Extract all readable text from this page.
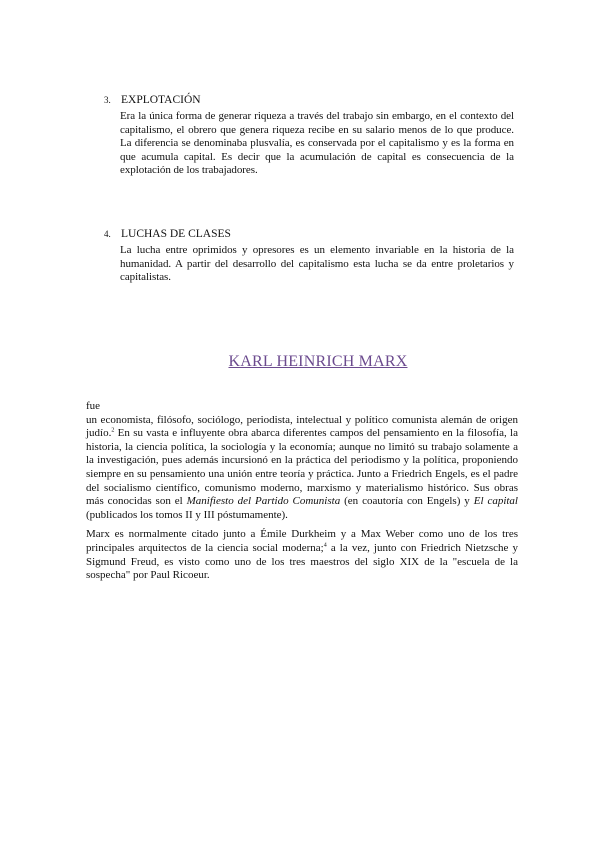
3. EXPLOTACIÓN
Era la única forma de generar riqueza a través del trabajo sin embargo, en el contexto del capitalismo, el obrero que genera riqueza recibe en su salario menos de lo que produce. La diferencia se denominaba plusvalía, es conservada por el capitalismo y es la forma en que acumula capital. Es decir que la acumulación de capital es consecuencia de la explotación de los trabajadores.
4. LUCHAS DE CLASES
La lucha entre oprimidos y opresores es un elemento invariable en la historia de la humanidad. A partir del desarrollo del capitalismo esta lucha se da entre proletarios y capitalistas.
KARL HEINRICH MARX

fue

un economista, filósofo, sociólogo, periodista, intelectual y político comunista alemán de origen judío.$^2$ En su vasta e influyente obra abarca diferentes campos del pensamiento en la filosofía, la historia, la ciencia política, la sociología y la economía; aunque no limitó su trabajo solamente a la investigación, pues además incursionó en la práctica del periodismo y la política, proponiendo siempre en su pensamiento una unión entre teoría y práctica. Junto a Friedrich Engels, es el padre del socialismo científico, comunismo moderno, marxismo y materialismo histórico. Sus obras más conocidas son el Manifiesto del Partido Comunista (en coautoría con Engels) y El capital (publicados los tomos II y III póstumamente).

Marx es normalmente citado junto a Émile Durkheim y a Max Weber como uno de los tres principales arquitectos de la ciencia social moderna;$^4$ a la vez, junto con Friedrich Nietzsche y Sigmund Freud, es visto como uno de los tres maestros del siglo XIX de la "escuela de la sospecha" por Paul Ricoeur.
